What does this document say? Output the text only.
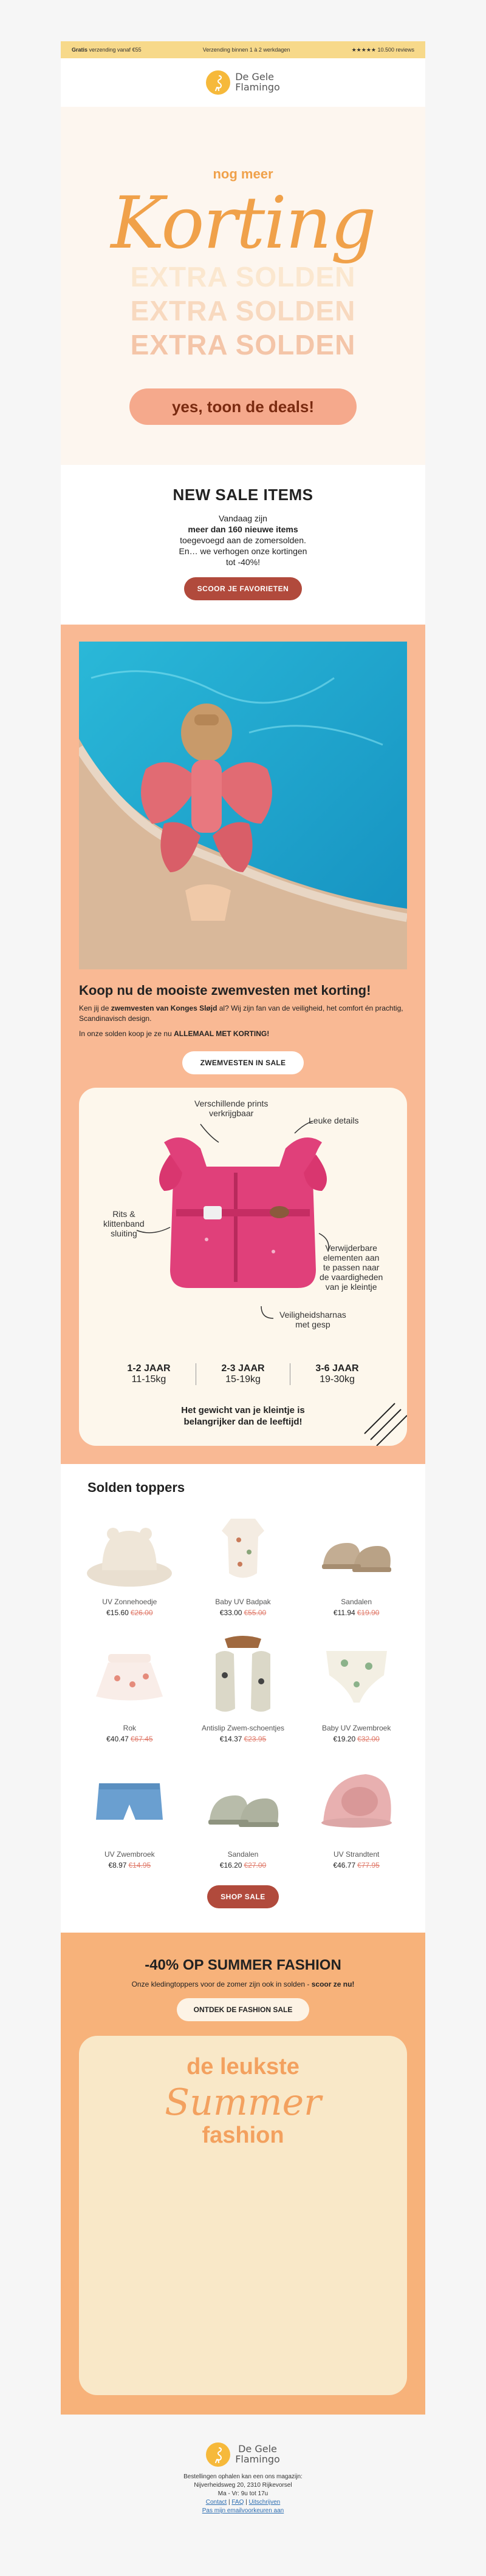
Gratis verzending vanaf €55	Verzending binnen 1 à 2 werkdagen	★★★★★ 10.500 reviews
De Gele
Flamingo
nog meer
Korting
EXTRA SOLDEN
EXTRA SOLDEN
EXTRA SOLDEN
yes, toon de deals!
NEW SALE ITEMS

Vandaag zijn
meer dan 160 nieuwe items
toegevoegd aan de zomersolden.
En… we verhogen onze kortingen
tot -40%!

SCOOR JE FAVORIETEN
Koop nu de mooiste zwemvesten met korting!

Ken jij de zwemvesten van Konges Sløjd al? Wij zijn fan van de veiligheid, het comfort én prachtig, Scandinavisch design.

In onze solden koop je ze nu ALLEMAAL MET KORTING!

ZWEMVESTEN IN SALE
Verschillende prints
verkrijgbaar
Leuke details
Rits &
klittenband
sluiting
Verwijderbare
elementen aan
te passen naar
de vaardigheden
van je kleintje
Veiligheidsharnas
met gesp
1-2 JAAR
11-15kg
2-3 JAAR
15-19kg
3-6 JAAR
19-30kg
Het gewicht van je kleintje is
belangrijker dan de leeftijd!
Solden toppers
UV Zonnehoedje
€15.60 €26.00
Baby UV Badpak
€33.00 €55.00
Sandalen
€11.94 €19.90
Rok
€40.47 €67.45
Antislip Zwem-schoentjes
€14.37 €23.95
Baby UV Zwembroek
€19.20 €32.00
UV Zwembroek
€8.97 €14.95
Sandalen
€16.20 €27.00
UV Strandtent
€46.77 €77.95
SHOP SALE
-40% OP SUMMER FASHION

Onze kledingtoppers voor de zomer zijn ook in solden - scoor ze nu!

ONTDEK DE FASHION SALE
de leukste
Summer
fashion
De Gele
Flamingo
Bestellingen ophalen kan een ons magazijn:
Nijverheidsweg 20, 2310 Rijkevorsel
Ma - Vr: 9u tot 17u
Contact | FAQ | Uitschrijven
Pas mijn emailvoorkeuren aan
